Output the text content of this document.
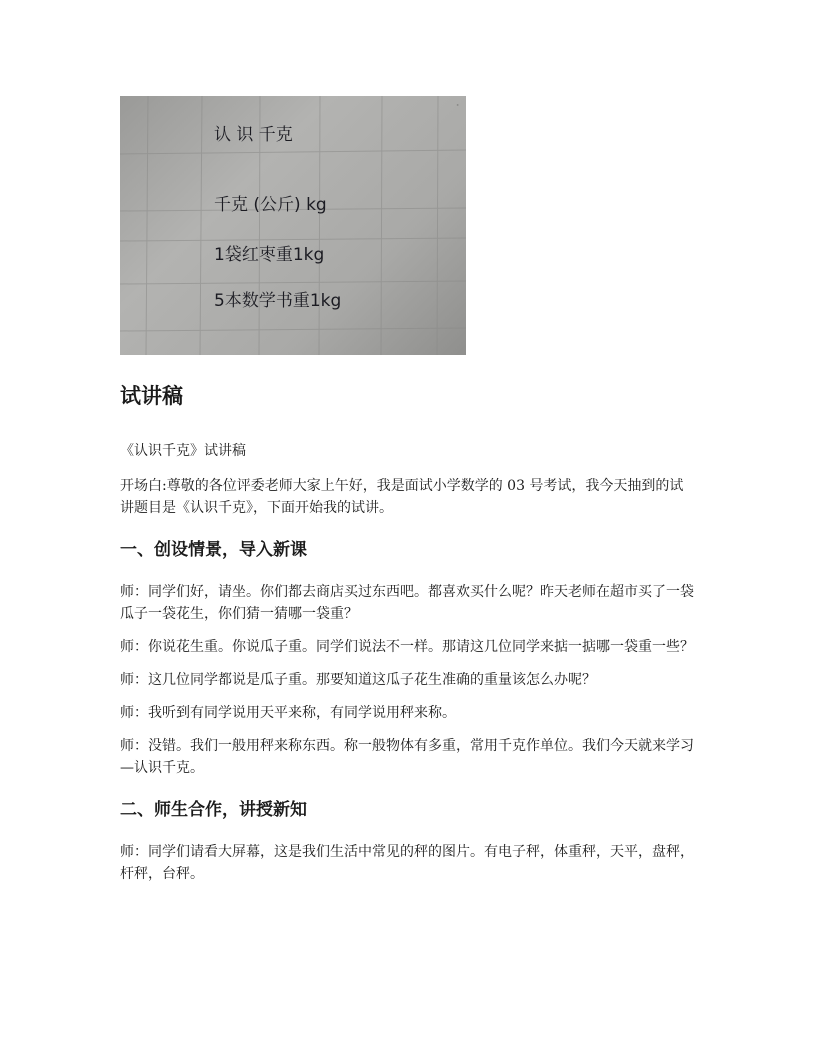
.
认 识 千克
千克 (公斤) kg
1袋红枣重1kg
5本数学书重1kg
试讲稿

《认识千克》试讲稿

开场白:尊敬的各位评委老师大家上午好，我是面试小学数学的 03 号考试，我今天抽到的试讲题目是《认识千克》，下面开始我的试讲。

一、创设情景，导入新课

师：同学们好，请坐。你们都去商店买过东西吧。都喜欢买什么呢？昨天老师在超市买了一袋瓜子一袋花生，你们猜一猜哪一袋重？

师：你说花生重。你说瓜子重。同学们说法不一样。那请这几位同学来掂一掂哪一袋重一些？

师：这几位同学都说是瓜子重。那要知道这瓜子花生准确的重量该怎么办呢？

师：我听到有同学说用天平来称，有同学说用秤来称。

师：没错。我们一般用秤来称东西。称一般物体有多重，常用千克作单位。我们今天就来学习—认识千克。

二、师生合作，讲授新知

师：同学们请看大屏幕，这是我们生活中常见的秤的图片。有电子秤，体重秤，天平，盘秤，杆秤，台秤。
